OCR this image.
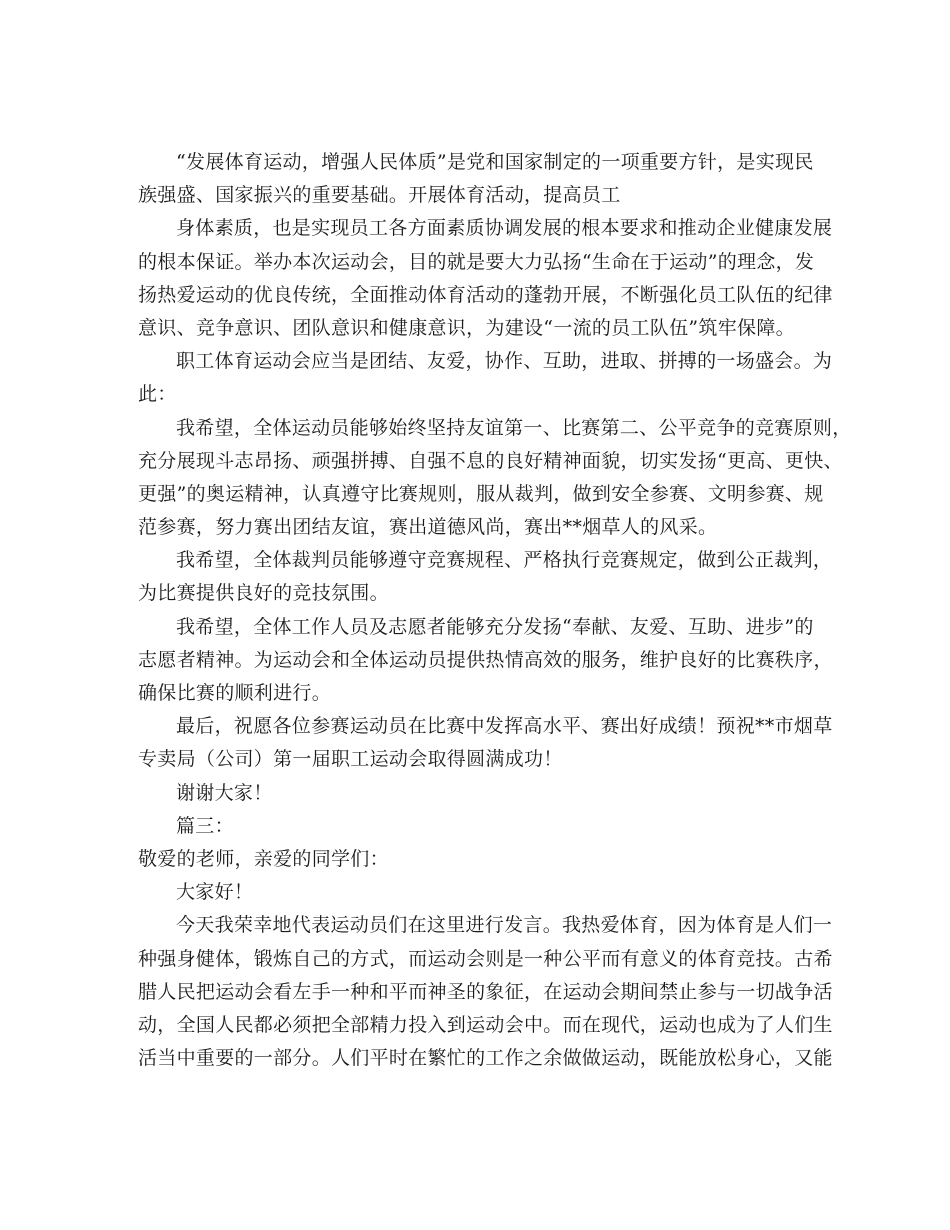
“发展体育运动，增强人民体质”是党和国家制定的一项重要方针，是实现民
族强盛、国家振兴的重要基础。开展体育活动，提高员工
身体素质，也是实现员工各方面素质协调发展的根本要求和推动企业健康发展
的根本保证。举办本次运动会，目的就是要大力弘扬“生命在于运动”的理念，发
扬热爱运动的优良传统，全面推动体育活动的蓬勃开展，不断强化员工队伍的纪律
意识、竞争意识、团队意识和健康意识，为建设“一流的员工队伍”筑牢保障。
职工体育运动会应当是团结、友爱，协作、互助，进取、拼搏的一场盛会。为
此：
我希望，全体运动员能够始终坚持友谊第一、比赛第二、公平竞争的竞赛原则，
充分展现斗志昂扬、顽强拼搏、自强不息的良好精神面貌，切实发扬“更高、更快、
更强”的奥运精神，认真遵守比赛规则，服从裁判，做到安全参赛、文明参赛、规
范参赛，努力赛出团结友谊，赛出道德风尚，赛出**烟草人的风采。
我希望，全体裁判员能够遵守竞赛规程、严格执行竞赛规定，做到公正裁判，
为比赛提供良好的竞技氛围。
我希望，全体工作人员及志愿者能够充分发扬“奉献、友爱、互助、进步”的
志愿者精神。为运动会和全体运动员提供热情高效的服务，维护良好的比赛秩序，
确保比赛的顺利进行。
最后，祝愿各位参赛运动员在比赛中发挥高水平、赛出好成绩！预祝**市烟草
专卖局（公司）第一届职工运动会取得圆满成功！
谢谢大家！
篇三：
敬爱的老师，亲爱的同学们：
大家好！
今天我荣幸地代表运动员们在这里进行发言。我热爱体育，因为体育是人们一
种强身健体，锻炼自己的方式，而运动会则是一种公平而有意义的体育竞技。古希
腊人民把运动会看左手一种和平而神圣的象征，在运动会期间禁止参与一切战争活
动，全国人民都必须把全部精力投入到运动会中。而在现代，运动也成为了人们生
活当中重要的一部分。人们平时在繁忙的工作之余做做运动，既能放松身心，又能
